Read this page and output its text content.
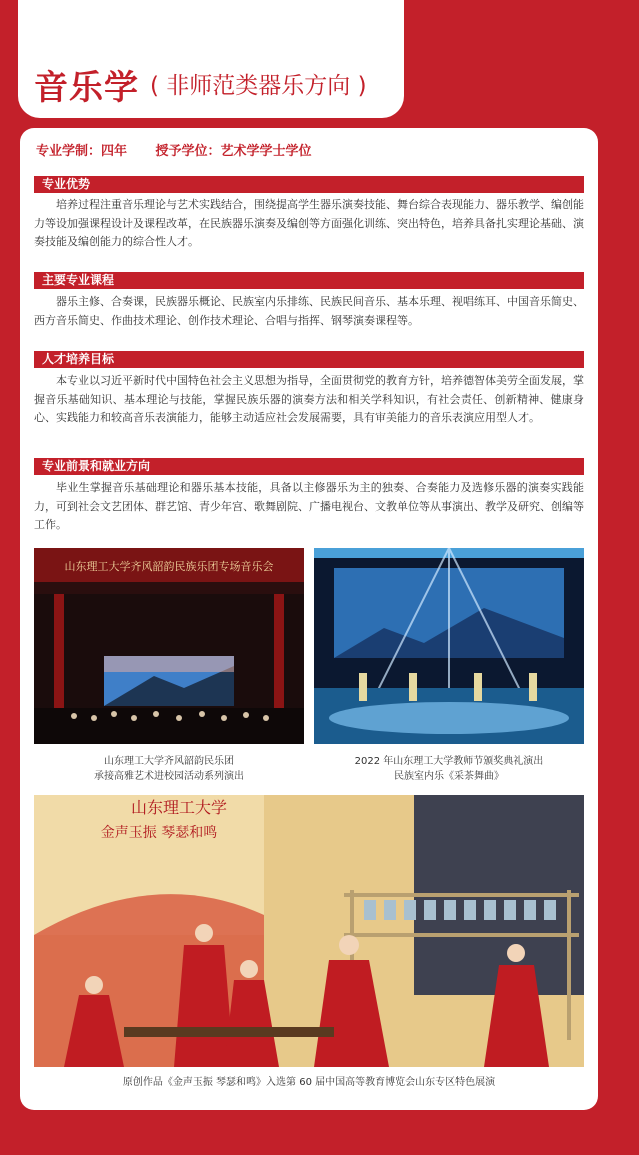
音乐学 ( 非师范类器乐方向 )
专业学制：四年 授予学位：艺术学学士学位
专业优势

培养过程注重音乐理论与艺术实践结合，围绕提高学生器乐演奏技能、舞台综合表现能力、器乐教学、编创能力等设加强课程设计及课程改革，在民族器乐演奏及编创等方面强化训练、突出特色，培养具备扎实理论基础、演奏技能及编创能力的综合性人才。

主要专业课程

器乐主修、合奏课，民族器乐概论、民族室内乐排练、民族民间音乐、基本乐理、视唱练耳、中国音乐简史、西方音乐简史、作曲技术理论、创作技术理论、合唱与指挥、钢琴演奏课程等。

人才培养目标

本专业以习近平新时代中国特色社会主义思想为指导，全面贯彻党的教育方针，培养德智体美劳全面发展，掌握音乐基础知识、基本理论与技能，掌握民族乐器的演奏方法和相关学科知识，有社会责任、创新精神、健康身心、实践能力和较高音乐表演能力，能够主动适应社会发展需要，具有审美能力的音乐表演应用型人才。

专业前景和就业方向

毕业生掌握音乐基础理论和器乐基本技能，具备以主修器乐为主的独奏、合奏能力及选修乐器的演奏实践能力，可到社会文艺团体、群艺馆、青少年宫、歌舞剧院、广播电视台、文教单位等从事演出、教学及研究、创编等工作。

山东理工大学齐风韶韵民族乐团专场音乐会
山东理工大学齐风韶韵民乐团
承接高雅艺术进校园活动系列演出
2022 年山东理工大学教师节颁奖典礼演出
民族室内乐《采茶舞曲》
山东理工大学
金声玉振 琴瑟和鸣
原创作品《金声玉振 琴瑟和鸣》入选第 60 届中国高等教育博览会山东专区特色展演
